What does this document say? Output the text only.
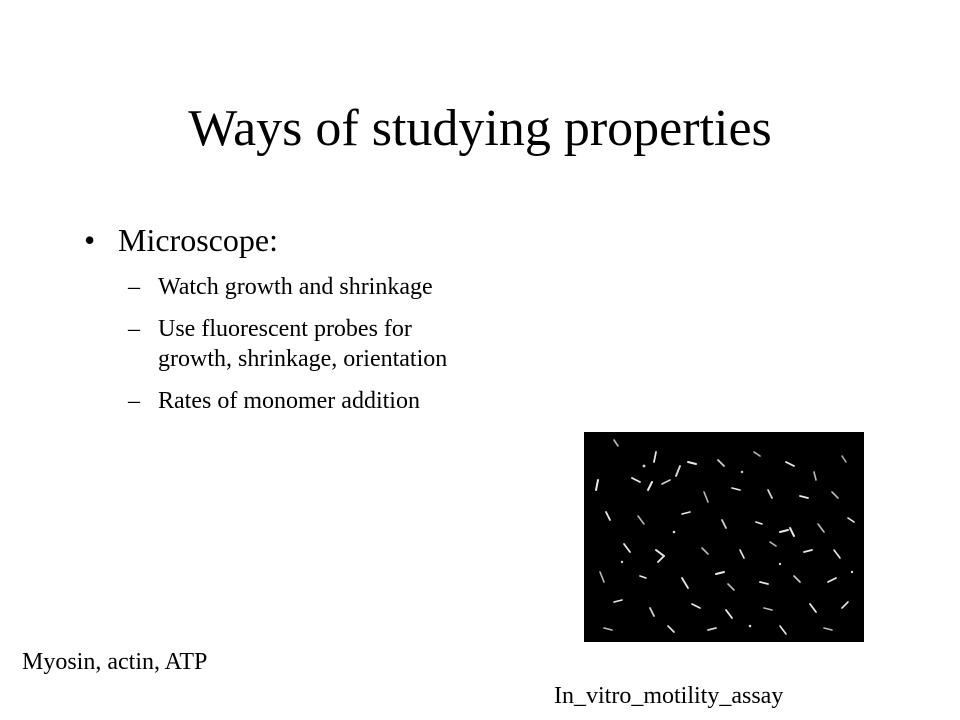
Ways of studying properties
• Microscope:
– Watch growth and shrinkage
– Use fluorescent probes for growth, shrinkage, orientation
– Rates of monomer addition
Myosin, actin, ATP
In_vitro_motility_assay
